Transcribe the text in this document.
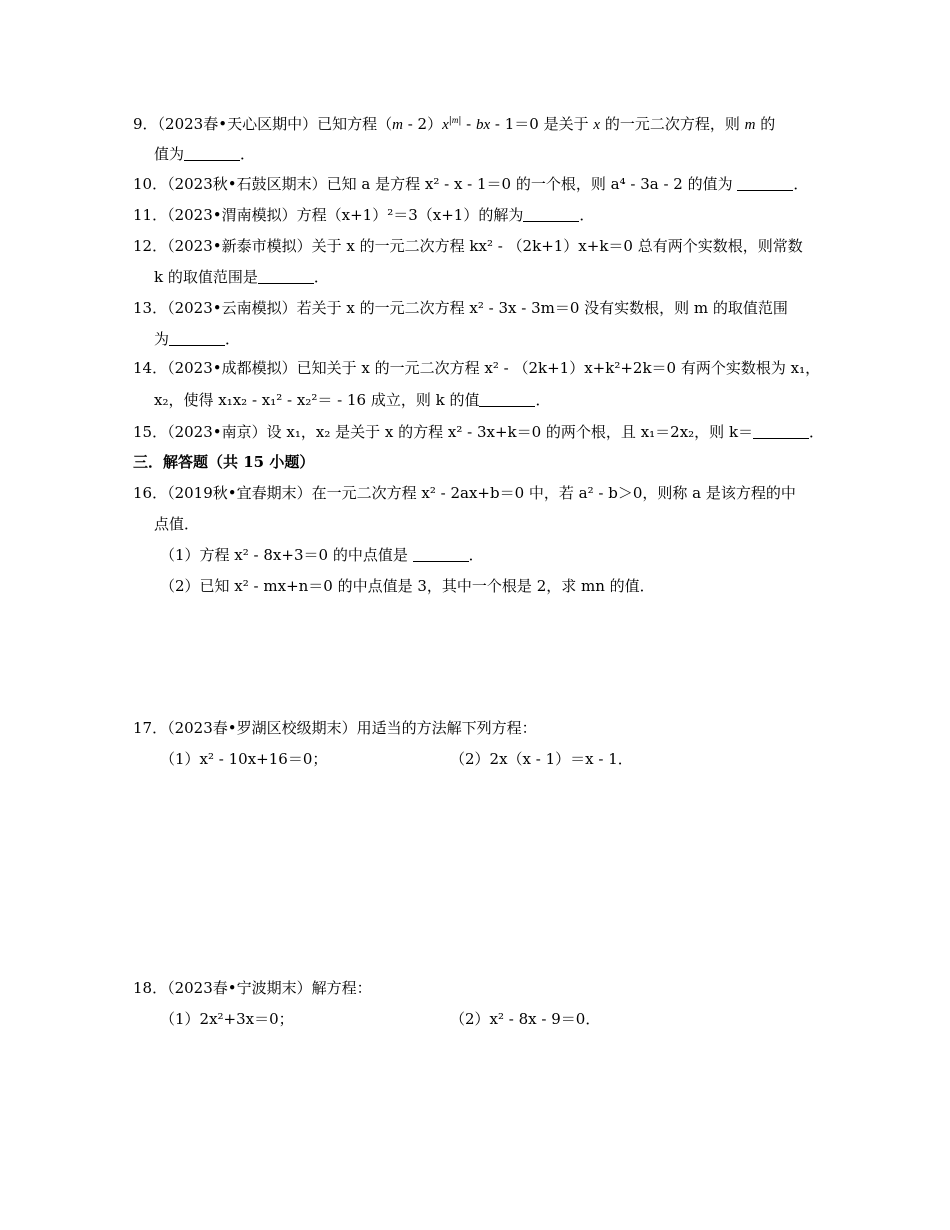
9．（2023春•天心区期中）已知方程$(m - 2)x^{|m|}$ - bx - 1＝0 是关于 x 的一元二次方程，则 m 的
值为	．
10．（2023秋•石鼓区期末）已知 a 是方程 x² - x - 1＝0 的一个根，则 a⁴ - 3a - 2 的值为	．
11．（2023•渭南模拟）方程（x+1）²＝3（x+1）的解为	．
12．（2023•新泰市模拟）关于 x 的一元二次方程 kx² - （2k+1）x+k＝0 总有两个实数根，则常数
k 的取值范围是	．
13．（2023•云南模拟）若关于 x 的一元二次方程 x² - 3x - 3m＝0 没有实数根，则 m 的取值范围
为	．
14．（2023•成都模拟）已知关于 x 的一元二次方程 x² - （2k+1）x+k²+2k＝0 有两个实数根为 x₁，
x₂，使得 x₁x₂ - x₁² - x₂²＝ - 16 成立，则 k 的值	．
15．（2023•南京）设 x₁，x₂ 是关于 x 的方程 x² - 3x+k＝0 的两个根，且 x₁＝2x₂，则 k＝	．
三．解答题（共 15 小题）
16．（2019秋•宜春期末）在一元二次方程 x² - 2ax+b＝0 中，若 a² - b＞0，则称 a 是该方程的中
点值．
（1）方程 x² - 8x+3＝0 的中点值是	．
（2）已知 x² - mx+n＝0 的中点值是 3，其中一个根是 2，求 mn 的值．
17．（2023春•罗湖区校级期末）用适当的方法解下列方程：
（1）x² - 10x+16＝0；	（2）2x（x - 1）＝x - 1．
18．（2023春•宁波期末）解方程：
（1）2x²+3x＝0；	（2）x² - 8x - 9＝0．
